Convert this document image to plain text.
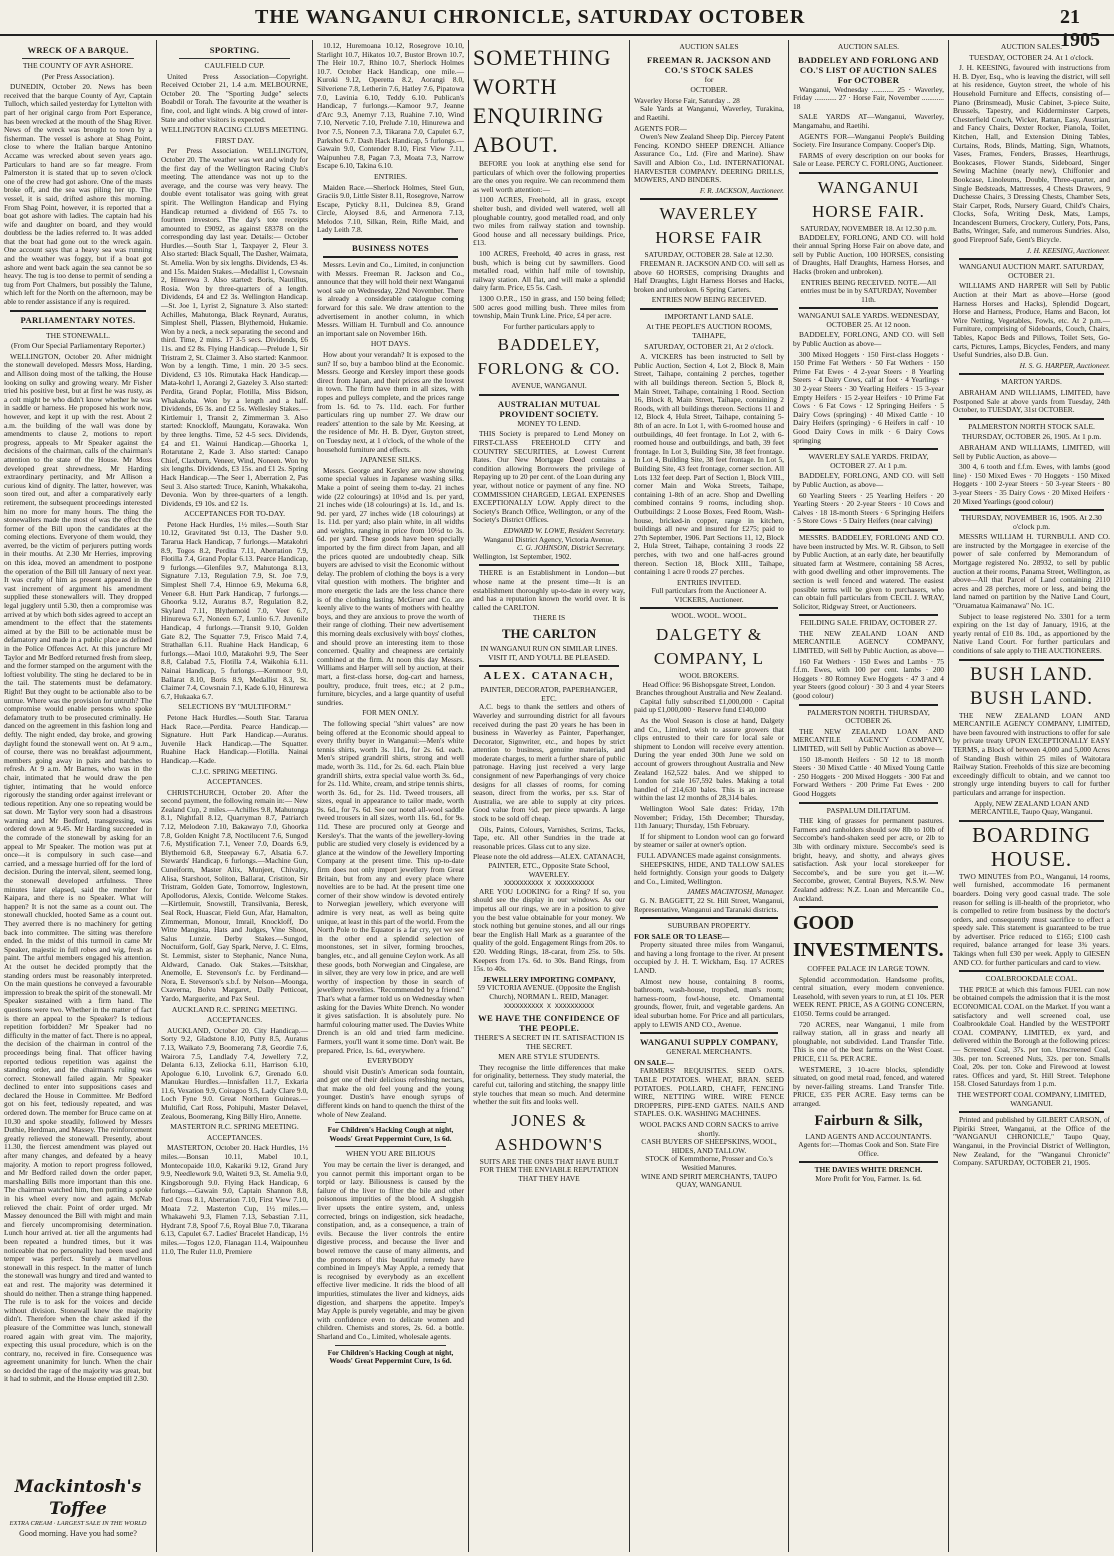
THE WANGANUI CHRONICLE, SATURDAY OCTOBER	21 1905
WRECK OF A BARQUE.
THE COUNTY OF AYR ASHORE.
(Per Press Association).

DUNEDIN, October 20. News has been received that the barque County of Ayr, Captain Tulloch, which sailed yesterday for Lyttelton with part of her original cargo from Port Esperance, has been wrecked at the mouth of the Shag River. News of the wreck was brought to town by a fisherman. The vessel is ashore at Shag Point, close to where the Italian barque Antonino Accame was wrecked about seven years ago. Particulars to hand are so far meagre. From Palmerston it is stated that up to seven o'clock one of the crew had got ashore. One of the masts broke off, and the sea was piling her up. The vessel, it is said, drifted ashore this morning. From Shag Point, however, it is reported that a boat got ashore with ladies. The captain had his wife and daughter on board, and they would doubtless be the ladies referred to. It was added that the boat had gone out to the wreck again. One account says that a heavy sea was running and the weather was foggy, but if a boat got ashore and went back again the sea cannot be so heavy. The tug is too dense to permit of sending a tug from Port Chalmers, but possibly the Talune, which left for the North on the afternoon, may be able to render assistance if any is required.

PARLIAMENTARY NOTES.
THE STONEWALL.
(From Our Special Parliamentary Reporter.)

WELLINGTON, October 20. After midnight the stonewall developed. Messrs Moss, Harding, and Allison doing most of the talking, the House looking on sulky and growing weary. Mr Fisher tried his positive best, but at first he was rusty, as a colt might be who didn't know whether he was in saddle or harness. He proposed his work now, however, and kept it up with the rest. About 2 a.m. the building of the wall was done by amendments to clause 2, motions to report progress, appeals to Mr Speaker against the decisions of the chairman, calls of the chairman's attention to the state of the House. Mr Moss developed great shrewdness, Mr Harding extraordinary pertinacity, and Mr Allison a curious kind of dignity. The latter, however, was soon tired out, and after a comparatively early retirement, the subsequent proceedings interested him no more for many hours. The thing the stonewallers made the most of was the effect the former of the Bill upon the candidates at the coming elections. Everyone of them would, they averred, be the victim of perjurers putting words in their mouths. At 2.30 Mr Herries, improving on this idea, moved an amendment to postpone the operation of the Bill till January of next year. It was crafty of him as present appeared in the vast increment of argument his amendment supplied these stonewallers will. They dropped legal jugglery until 5.30, then a compromise was arrived at by which both sides agreed to accept an amendment to the effect that the statements aimed at by the Bill to be actionable must be defamatory and made in a public place as defined in the Police Offences Act. At this juncture Mr Taylor and Mr Bedford returned fresh from sleep, and the former stamped on the argument with the loftiest volubility. The sting he declared to be in the tail. The statements must be defamatory. Right! But they ought to be actionable also to be untrue. Where was the provision for untruth? The compromise would enable persons who spoke defamatory truth to be prosecuted criminally. He danced on the agreement in this fashion long and deftly. The night ended, day broke, and growing daylight found the stonewall went on. At 9 a.m., of course, there was no breakfast adjournment, members going away in pairs and batches to refresh. At 9 a.m. Mr Barnes, who was in the chair, intimated that he would draw the pen tighter, intimating that he would enforce rigorously the standing order against irrelevant or tedious repetition. Any one so repeating would be sat down. Mr Taylor very soon had a disastrous warning and Mr Bedford, transgressing, was ordered down at 9.45. Mr Harding succeeded in the comrade of the stonewall by asking for an appeal to Mr Speaker. The motion was put at once—it is compulsory in such case—and carried, and a message hurried off for the lord of decision. During the interval, silent, seemed long, the stonewall developed artfulness. Three minutes later elapsed, said the member for Kaipara, and there is no Speaker. What will happen? It is not the same as a count out. The stonewall chuckled, hooted Same as a count out. They averred there is no machinery for getting back into committee. The sitting was therefore ended. In the midst of this turmoil in came Mr Speaker, majestic in full robes and wig, fresh as paint. The artful members engaged his attention. At the outset he decided promptly that the standing orders must be reasonably interpreted. On the main questions he conveyed a favourable impression to break the spirit of the stonewall. Mr Speaker sustained with a firm hand. The questions were two. Whether in the matter of fact is there an appeal to the Speaker? Is tedious repetition forbidden? Mr Speaker had no difficulty in the matter of fact. There is no appeal, the decision of the chairman in control of the proceedings being final. That officer having reported tedious repetition was against the standing order, and the chairman's ruling was correct. Stonewall failed again. Mr Speaker declined to enter into suppositions cases and declared the House in Committee. Mr Bedford got on his feet, tediously repeated, and was ordered down. The member for Bruce came on at 10.30 and spoke steadily, followed by Messrs Duthie, Herdman, and Massey. The reinforcement greatly relieved the stonewall. Presently, about 11.30, the fiercest amendment was played out after many changes, and defeated by a heavy majority. A motion to report progress followed, and Mr Bedford railed down the order paper, marshalling Bills more important than this one. The chairman watched him, then putting a spoke in his wheel every now and again. McNab relieved the chair. Point of order urged. Mr Massey denounced the Bill with might and main and fiercely uncompromising determination. Lunch hour arrived at. tier all the arguments had been repeated a hundred times, but it was noticeable that no personality had been used and temper was perfect. Surely a marvellous stonewall in this respect. In the matter of lunch the stonewall was hungry and tired and wanted to eat and rest. The majority was determined it should do neither. Then a strange thing happened. The rule is to ask for the voices and decide without division. Stonewall knew the majority didn't. Therefore when the chair asked if the pleasure of the Committee was lunch, stonewall roared again with great vim. The majority, expecting this usual procedure, which is on the contrary, no, received in fire. Consequence was agreement unanimity for lunch. When the chair so decided the rage of the majority was great, but it had to submit, and the House emptied till 2.30.

Mackintosh's Toffee
EXTRA CREAM · LARGEST SALE IN THE WORLD
Good morning. Have you had some?
SPORTING.
CAULFIELD CUP.

United Press Association—Copyright. Received October 21, 1.4 a.m. MELBOURNE, October 20. The "Sporting Judge" selects Boabdil or Torah. The favourite at the weather is fine, cool, and light winds. A big crowd of inter-State and other visitors is expected.

WELLINGTON RACING CLUB'S MEETING.
FIRST DAY.

Per Press Association. WELLINGTON, October 20. The weather was wet and windy for the first day of the Wellington Racing Club's meeting. The attendance was not up to the average, and the course was very heavy. The double event totalisator was going with great spirit. The Wellington Handicap and Flying Handicap returned a dividend of £65 7s. to fourteen investors. The day's tote receipts amounted to £9092, as against £8378 on the corresponding day last year. Details:— October Hurdles.—South Star 1, Taxpayer 2, Fleur 3. Also started: Black Squall, The Dasher, Waimata, St. Amelia. Won by six lengths. Dividends, £3 4s. and 15s. Maiden Stakes.—Medallist 1, Cowsnain 2, Hinerewa 3. Also started: Boris, Nautillus, Rosia. Won by three-quarters of a length. Dividends, £4 and £2 3s. Wellington Handicap.—St. Joe 1, Lyrist 2, Signature 3. Also started: Achilles, Mahutonga, Black Reynard, Auratus, Simplest Shell, Plassen, Blythemoid, Hukamie. Won by a neck, a neck separating the second and third. Time, 2 mins. 17 3-5 secs. Dividends, £6 11s. and £2 8s. Flying Handicap.—Prelude 1, Sir Tristram 2, St. Claimer 3. Also started: Kanmoor. Won by a length. Time, 1 min. 20 3-5 secs. Dividend, £3 10s. Rimutaka Hack Handicap.—Mata-kohrl 1, Aorangi 2, Gazeley 3. Also started: Perdita, Grand Poplar, Flotilla, Miss Bidson, Whakakoha. Won by a length and a half. Dividends, £6 3s. and £2 5s. Wellesley Stakes.—Kirtlemuir 1, Transit 2, Zimmerman 3. Also started: Knockloff, Maungatu, Korawaka. Won by three lengths. Time, 52 4-5 secs. Dividends, £4 and £1. Wainui Handicap.—Ghoorka 1, Rotarutane 2, Kade 3. Also started: Canapo Chief, Claxburn, Veneer, Wind, Noneen. Won by six lengths. Dividends, £3 15s. and £1 2s. Spring Hack Handicap.—The Seer 1, Aberration 2, Pas Seul 3. Also started: Truce, Kaninh, Whakakoha, Devonia. Won by three-quarters of a length. Dividends, £9 10s. and £2 1s.

ACCEPTANCES FOR TO-DAY.

Petone Hack Hurdles, 1½ miles.—South Star 10.12, Gravitated 9st 0.13, The Dasher 9.0. Tararua Hack Handicap, 7 furlongs.—Matakohri 8.9, Togos 8.2, Perdita 7.11, Aberration 7.9, Flotilla 7.4, Grand Poplar 6.13. Pearce Handicap, 9 furlongs.—Glenfiles 9.7, Mahutonga 8.13, Signature 7.13, Regulation 7.9, St. Joe 7.9, Simplest Shell 7.4, Hinnoe 6.9, Mekuma 6.8, Veneer 6.8. Hutt Park Handicap, 7 furlongs.—Ghoorka 9.12, Auratus 8.7, Regulation 8.2, Skyland 7.11, Blythemoid 7.0, Veer 6.7, Hinurewa 6.7, Noneen 6.7, Lunlio 6.7. Juvenile Handicap, 4 furlongs.—Transit 9.10, Golden Gate 8.2, The Squatter 7.9, Frisco Maid 7.4, Strathallan 6.11. Ruahine Hack Handicap, 6 furlongs.—Maoi 10.0, Matakohri 9.9, The Seer 8.8, Calabad 7.5, Flotilla 7.4, Waikohia 6.11. Nainai Handicap, 5 furlongs.—Kenmoor 9.0, Ballarat 8.10, Boris 8.9, Medallist 8.3, St. Claimer 7.4, Cowsnain 7.1, Kade 6.10, Hinurewa 6.7, Hukaaka 6.7.

SELECTIONS BY "MULTIFORM."

Petone Hack Hurdles.—South Star. Tararua Hack Race.—Perdita. Pearce Handicap.—Signature. Hutt Park Handicap.—Auratus. Juvenile Hack Handicap.—The Squatter. Ruahine Hack Handicap.—Flotilla. Nainai Handicap.—Kade.

C.J.C. SPRING MEETING.
ACCEPTANCES.

CHRISTCHURCH, October 20. After the second payment, the following remain in:— New Zealand Cup, 2 miles.—Achilles 9.8, Mahutonga 8.1, Nightfall 8.12, Quarryman 8.7, Patriarch 7.12, Melodeon 7.10, Bakawayo 7.0, Ghoorka 7.8, Golden Knight 7.8, Noctilucent 7.6, Sungod 7.6, Mystification 7.1, Veneer 7.0, Doards 6.9, Blythemoid 6.8, Steepaway 6.7, Alsatia 6.7. Stewards' Handicap, 6 furlongs.—Machine Gun, Cuneiform, Master Alix, Munjeet, Chivalry, Alisa, Starshoot, Soliton, Ballarat, Cristiton, Sir Tristram, Golden Gate, Tomorrow, Inglestown, Apollodorus, Alexis, Contide. Welcome Stakes.—Kirtlemuir, Snowstill, Transilvania, Beresk, Seal Rock, Huascar, Field Gun, Afar, Hamalton, Zimmerman, Monour, Imrail, Knockloff, Do Witte Mangista, Hats and Judges, Vine Shoot, Salus Lunzie. Derby Stakes.—Sungod, Noctuiform, Golf, Gay Spark, Nerve, J. C. Elms, St. Lemmist, sister to Stephanic, Nance Nuna, Aldward, Canado. Oak Stakes.—Tsitskhar, Anemolle, E. Stevenson's f.c. by Ferdinand—Nora, E. Stevenson's s.b.f. by Nelson—Moonga, Cxaverna, Bolvu Margaret, Dally Petticoat, Yardo, Marguerite, and Pax Seul.

AUCKLAND R.C. SPRING MEETING.
ACCEPTANCES.

AUCKLAND, October 20. City Handicap.—Sorty 9.2, Gladstone 8.10, Putty 8.5, Auratus 7.13, Waikato 7.9, Boomerang 7.8, Geordie 7.6, Wairora 7.5, Landlady 7.4, Jewellery 7.2, Delanta 6.13, Zeliocka 6.11, Harrison 6.10, Apologue 6.10, Luvolink 6.7, Grenado 6.0. Manukau Hurdles.—Innisfallen 11.7, Exkaria 11.6, Vexation 9.9, Coiragoo 9.5, Lady Clare 9.0, Loch Fyne 9.0. Great Northern Guineas.—Multifid, Carl Ross, Pohipuhi, Master Delavel, Zealous, Boomerang, King Billy Hiro, Annette.

MASTERTON R.C. SPRING MEETING.
ACCEPTANCES.

MASTERTON, October 20. Hack Hurdles, 1½ miles.—Bonsan 10.11, Mabel 10.1, Montecopaide 10.0, Kakariki 9.12, Grand Jury 9.9, Needlework 9.0, Waiteti 9.3, St. Amelia 9.0, Kingsborough 9.0. Flying Hack Handicap, 6 furlongs.—Gawain 9.0, Captain Shannon 8.8, Red Cross 8.1, Aberration 7.10, First View 7.10, Moata 7.2. Masterton Cup, 1½ miles.—Whakawehi 9.3, Flamen 7.13, Sebastian 7.11, Hydrant 7.8, Spoof 7.6, Royal Blue 7.0, Tikarana 6.13, Capulet 6.7. Ladies' Bracelet Handicap, 1½ miles.—Togos 12.0, Flanagan 11.4, Waipounheu 11.0, The Ruler 11.0, Premiere

10.12, Huremoana 10.12, Rosegrove 10.10, Starlight 10.7, Hikatos 10.7, Bustor Brown 10.7, The Heir 10.7, Rhino 10.7, Sherlock Holmes 10.7. October Hack Handicap, one mile.—Kuroki 9.12, Operetta 8.2, Aorangi 8.0, Silveriene 7.8, Letherin 7.6, Hatley 7.6, Pipatowa 7.0, Lavinia 6.10, Teddy 6.10. Publican's Handicap, 7 furlongs.—Kamoor 9.7, Jeanne d'Arc 9.3, Anemyr 7.13, Ruahine 7.10, Wind 7.10, Nervetic 7.10, Prelude 7.10, Hinurewa and Ivor 7.5, Noneen 7.3, Tikarana 7.0, Capulet 6.7, Parkshot 6.7. Dash Hack Handicap, 5 furlongs.—Gawain 9.0, Contender 8.10, First View 7.11, Waipunheu 7.8, Pagan 7.3, Moata 7.3, Narrow Escape 6.10, Takina 6.10.

ENTRIES.

Maiden Race.—Sherlock Holmes, Steel Gun, Graciis 9.0, Little Sister 8.11, Rosegrove, Narrow Escape, Pyticky 8.11, Dulcinea 8.9, Grand Circle, Aloysed 8.6, and Armenora 7.13, Melodos 7.10, Silkan, Rein, Rifle Maid, and Lady Leith 7.8.

BUSINESS NOTES

Messrs. Levin and Co., Limited, in conjunction with Messrs. Freeman R. Jackson and Co., announce that they will hold their next Wanganui wool sale on Wednesday, 22nd November. There is already a considerable catalogue coming forward for this sale. We draw attention to the advertisement in another column, in which Messrs. William H. Turnbull and Co. announce an important sale on November 16th.

HOT DAYS.

How about your verandah? It is exposed to the sun? If so, buy a bamboo blind at the Economic. Messrs. George and Kersley import these goods direct from Japan, and their prices are the lowest in town. The firm have them in all sizes, with ropes and pulleys complete, and the prices range from 1s. 6d. to 7s. 11d. each. For further particulars ring up number 27. We draw our readers' attention to the sale by Mr. Keesing, at the residence of Mr. H. B. Dyer, Guyton street, on Tuesday next, at 1 o'clock, of the whole of the household furniture and effects.

JAPANESE SILKS.

Messrs. George and Kersley are now showing some special values in Japanese washing silks. Make a point of seeing them to-day. 21 inches wide (22 colourings) at 10½d and 1s. per yard, 21 inches wide (18 colourings) at 1s. 1d., and 1s. 9d. per yard, 27 inches wide (18 colourings) at 1s. 11d. per yard; also plain white, in all widths and weights, ranging in price from 10½d to 3s. 6d. per yard. These goods have been specially imported by the firm direct from Japan, and all the prices quoted are undoubtedly cheap. Silk buyers are advised to visit the Economic without delay. The problem of clothing the boys is a very vital question with mothers. The brighter and more energetic the lads are the less chance there is of the clothing lasting. McGruer and Co. are keenly alive to the wants of mothers with healthy boys, and they are anxious to prove the worth of their range of clothing. Their new advertisement this morning deals exclusively with boys' clothes, and should prove an interesting item to those concerned. Quality and cheapness are certainly combined at the firm. At noon this day Messrs. Williams and Harper will sell by auction, at their mart, a first-class horse, dog-cart and harness, poultry, produce, fruit trees, etc.; at 2 p.m., furniture, bicycles, and a large quantity of useful sundries.

FOR MEN ONLY.

The following special "shirt values" are now being offered at the Economic should appeal to every thrifty buyer in Wanganui:—Men's white tennis shirts, worth 3s. 11d., for 2s. 6d. each. Men's striped grandrill shirts, strong and well made, worth 3s. 11d., for 2s. 6d. each. Plain blue grandrill shirts, extra special value worth 3s. 6d., for 2s. 11d. White, cream, and stripe tennis shirts, worth 3s. 6d., for 2s. 11d. Tweed trousers, all sizes, equal in appearance to tailor made, worth 9s. 6d., for 7s. 6d. See our noted all-wool saddle tweed trousers in all sizes, worth 11s. 6d., for 9s. 11d. These are procured only at George and Kersley's. That the wants of the jewellery-loving public are studied very closely is evidenced by a glance at the window of the Jewellery Importing Company at the present time. This up-to-date firm does not only import jewellery from Great Britain, but from any and every place where novelties are to be had. At the present time one corner of their show window is devoted entirely to Norwegian jewellery, which everyone will admire is very neat, as well as being quite unique, at least in this part of the world. From the North Pole to the Equator is a far cry, yet we see in the other end a splendid selection of moonstones, set in silver, forming brooches, bangles, etc., and all genuine Ceylon work. As all these goods, both Norwegian and Cingalese, are in silver, they are very low in price, and are well worthy of inspection by those in search of jewellery novelties. "Recommended by a friend." That's what a farmer told us on Wednesday when asking for the Davies White Drench. No wonder it gives satisfaction. It is absolutely pure. No harmful colouring matter used. The Davies White Drench is an old and tried farm medicine. Farmers, you'll want it some time. Don't wait. Be prepared. Price, 1s. 6d., everywhere.

EVERYBODY

should visit Dustin's American soda fountain, and get one of their delicious refreshing nectars, that make the old feel young and the young younger. Dustin's have enough syrups of different kinds on hand to quench the thirst of the whole of New Zealand.

For Children's Hacking Cough at night, Woods' Great Peppermint Cure, 1s 6d.
WHEN YOU ARE BILIOUS

You may be certain the liver is deranged, and you cannot permit this important organ to be torpid or lazy. Biliousness is caused by the failure of the liver to filter the bile and other poisonous impurities of the blood. A sluggish liver upsets the entire system, and, unless corrected, brings on indigestion, sick headache, constipation, and, as a consequence, a train of evils. Because the liver controls the entire digestive process, and because the liver and bowel remove the cause of many ailments, and the promoters of this beautiful remedy have combined in Impey's May Apple, a remedy that is recognised by everybody as an excellent effective liver medicine. It rids the blood of all impurities, stimulates the liver and kidneys, aids digestion, and sharpens the appetite. Impey's May Apple is purely vegetable, and may be given with confidence even to delicate women and children. Chemists and stores, 2s. 6d. a bottle. Sharland and Co., Limited, wholesale agents.

For Children's Hacking Cough at night, Woods' Great Peppermint Cure, 1s 6d.
SOMETHING
WORTH
ENQUIRING
ABOUT.

BEFORE you look at anything else send for particulars of which over the following properties are the ones you require. We can recommend them as well worth attention:—

1100 ACRES, Freehold, all in grass, except shelter bush, and divided well watered, well all ploughable country, good metalled road, and only two miles from railway station and township. Good house and all necessary buildings. Price, £13.

100 ACRES, Freehold, 40 acres in grass, rest bush, which is being cut by sawmillers. Good metalled road, within half mile of township, railway station. All flat, and will make a splendid dairy farm. Price, £5 5s. Cash.

1300 O.P.R., 150 in grass, and 150 being felled; 500 acres good milling bush. Three miles from township, Main Trunk Line. Price, £4 per acre.

For further particulars apply to
BADDELEY,
FORLONG & CO.
AVENUE, WANGANUI.
AUSTRALIAN MUTUAL PROVIDENT SOCIETY.
MONEY TO LEND.

THIS Society is prepared to Lend Money on FIRST-CLASS FREEHOLD CITY and COUNTRY SECURITIES, at Lowest Current Rates. Our New Mortgage Deed contains a condition allowing Borrowers the privilege of Repaying up to 20 per cent. of the Loan during any year, without notice or payment of any fine. NO COMMISSION CHARGED, LEGAL EXPENSES EXCEPTIONALLY LOW. Apply direct to the Society's Branch Office, Wellington, or any of the Society's District Offices.

EDWARD W. LOWE, Resident Secretary.
Wanganui District Agency, Victoria Avenue.
C. G. JOHNSON, District Secretary.
Wellington, 1st September, 1902.

THERE is an Establishment in London—but whose name at the present time—It is an establishment thoroughly up-to-date in every way, and has a reputation known the world over. It is called the CARLTON.

THERE IS
THE CARLTON
IN WANGANUI RUN ON SIMILAR LINES.
VISIT IT, AND YOU'LL BE PLEASED.
ALEX. CATANACH,
PAINTER, DECORATOR, PAPERHANGER, ETC.

A.C. begs to thank the settlers and others of Waverley and surrounding district for all favours received during the past 20 years he has been in business in Waverley as Painter, Paperhanger, Decorator, Signwriter, etc., and hopes by strict attention to business, genuine materials, and moderate charges, to merit a further share of public patronage. Having just received a very large consignment of new Paperhangings of very choice designs for all classes of rooms, for coming season, direct from the works, per s.s. Star of Australia, we are able to supply at city prices. Good value from ½d. per piece upwards. A large stock to be sold off cheap.

Oils, Paints, Colours, Varnishes, Scrims, Tacks, Tape, etc. All other Sundries in the trade at reasonable prices. Glass cut to any size.

Please note the old address—ALEX. CATANACH, PAINTER, ETC., Opposite State School, WAVERLEY.
XXXXXXXXXX X XXXXXXXXXX

ARE YOU LOOKING for a Ring? If so, you should see the display in our windows. As our impetus all our rings, we are in a position to give you the best value obtainable for your money. We stock nothing but genuine stones, and all our rings bear the English Hall Mark as a guarantee of the quality of the gold. Engagement Rings from 20s. to £20. Wedding Rings, 18-carat, from 25s. to 50s. Keepers from 17s. 6d. to 30s. Band Rings, from 15s. to 40s.

JEWELLERY IMPORTING COMPANY,
59 VICTORIA AVENUE. (Opposite the English Church), NORMAN L. REID, Manager.
XXXXXXXXXX X XXXXXXXXXX
WE HAVE THE CONFIDENCE OF THE PEOPLE.
THERE'S A SECRET IN IT. SATISFACTION IS THE SECRET.
MEN ARE STYLE STUDENTS.

They recognise the little differences that make for originality, betterness. They study material, the careful cut, tailoring and stitching, the snappy little style touches that mean so much. And determine whether the suit fits and looks well.

JONES &
ASHDOWN'S
SUITS ARE THE ONES THAT HAVE BUILT FOR THEM THE ENVIABLE REPUTATION THAT THEY HAVE
AUCTION SALES
FREEMAN R. JACKSON AND CO.'S STOCK SALES
for
OCTOBER.
Waverley Horse Fair, Saturday .. 28

Sale Yards at Wanganui, Waverley, Turakina, and Raetihi.

AGENTS FOR—

Owen's New Zealand Sheep Dip. Piercey Patent Fencing. KONDO SHEEP DRENCH. Alliance Assurance Co., Ltd. (Fire and Marine). Shaw Savill and Albion Co., Ltd. INTERNATIONAL HARVESTER COMPANY. DEERING DRILLS, MOWERS, AND BINDERS.

F. R. JACKSON, Auctioneer.
WAVERLEY
HORSE FAIR
SATURDAY, OCTOBER 28. Sale at 12.30.

FREEMAN R. JACKSON AND CO. will sell as above 60 HORSES, comprising Draughts and Half Draughts, Light Harness Horses and Hacks, broken and unbroken. 6 Spring Carters.

ENTRIES NOW BEING RECEIVED.
IMPORTANT LAND SALE.
At THE PEOPLE'S AUCTION ROOMS, TAIHAPE,
SATURDAY, OCTOBER 21, At 2 o'clock.

A. VICKERS has been instructed to Sell by Public Auction, Section 4, Lot 2, Block 8, Main Street, Taihape, containing 2 perches, together with all buildings thereon. Section 5, Block 8, Main Street, Taihape, containing 1 Rood. Section 16, Block 8, Main Street, Taihape, containing 2 Roods, with all buildings thereon. Sections 11 and 12, Block 4, Hula Street, Taihape, containing 5-8th of an acre. In Lot 1, with 6-roomed house and outbuildings, 40 feet frontage. In Lot 2, with 6-roomed house and outbuildings, and bath, 39 feet frontage. In Lot 3, Building Site, 38 feet frontage. In Lot 4, Building Site, 38 feet frontage. In Lot 5, Building Site, 43 feet frontage, corner section. All Lots 132 feet deep. Part of Section 1, Block VIII., corner Main and Woka Streets, Taihape, containing 1-8th of an acre. Shop and Dwelling combined contains 9 rooms, including shop. Outbuildings: 2 Loose Boxes, Feed Room, Wash-house, bricked-in copper, range in kitchen, buildings all new and insured for £275; paid to 27th September, 1906. Part Sections 11, 12, Block 2, Hula Street, Taihape, containing 3 roods 22 perches, with two and one half-acres ground thereon. Section 18, Block XIII., Taihape, containing 1 acre 0 roods 27 perches.

ENTRIES INVITED.
Full particulars from the Auctioneer A. VICKERS, Auctioneer.
WOOL. WOOL. WOOL.
DALGETY &
COMPANY, L
WOOL BROKERS.
Head Office: 96 Bishopsgate Street, London.
Branches throughout Australia and New Zealand.

Capital fully subscribed £1,000,000 · Capital paid up £1,000,000 · Reserve fund £140,000

As the Wool Season is close at hand, Dalgety and Co., Limited, wish to assure growers that clips entrusted to their care for local sale or shipment to London will receive every attention. During the year ended 30th June we sold on account of growers throughout Australia and New Zealand 162,522 bales. And we shipped to London for sale 167,592 bales. Making a total handled of 214,630 bales. This is an increase within the last 12 months of 28,314 bales.

Wellington Wool Sale dates: Friday, 17th November; Friday, 15th December; Thursday, 11th January; Thursday, 15th February.

If for shipment to London wool can go forward by steamer or sailer at owner's option.

FULL ADVANCES made against consignments.

SHEEPSKINS, HIDE, AND TALLOW SALES held fortnightly. Consign your goods to Dalgety and Co., Limited, Wellington.

JAMES MACINTOSH, Manager.

G. N. BAGGETT, 22 St. Hill Street, Wanganui, Representative, Wanganui and Taranaki districts.

SUBURBAN PROPERTY.
FOR SALE OR TO LEASE—

Property situated three miles from Wanganui, and having a long frontage to the river. At present occupied by J. H. T. Wickham, Esq. 17 ACRES LAND.

Almost new house, containing 8 rooms, bathroom, wash-house, tropshed, man's room; harness-room, fowl-house, etc. Ornamental grounds, flower, fruit, and vegetable gardens. An ideal suburban home. For Price and all particulars, apply to LEWIS AND CO., Avenue.

WANGANUI SUPPLY COMPANY,
GENERAL MERCHANTS.
ON SALE—

FARMERS' REQUISITES. SEED OATS. TABLE POTATOES. WHEAT, BRAN. SEED POTATOES. POLLARD, CHAFF, FENCING WIRE, NETTING WIRE. WIRE FENCE DROPPERS, PIPE-END GATES. NAILS AND STAPLES. O.K. WASHING MACHINES.

WOOL PACKS AND CORN SACKS to arrive shortly.
CASH BUYERS OF SHEEPSKINS, WOOL, HIDES, AND TALLOW.
STOCK of Kemmthorne, Prosser and Co.'s Wesitied Manures.
WINE AND SPIRIT MERCHANTS, TAUPO QUAY, WANGANUI.
AUCTION SALES.
BADDELEY AND FORLONG AND CO.'S LIST OF AUCTION SALES For OCTOBER

Wanganui, Wednesday ............ 25 · Waverley, Friday ............ 27 · Horse Fair, November ............ 18

SALE YARDS AT—Wanganui, Waverley, Mangamahu, and Raetihi.

AGENTS FOR—Wanganui People's Building Society. Fire Insurance Company. Cooper's Dip.

FARMS of every description on our books for Sale or Lease. PERCY C. FORLONG, Auctioneer.

WANGANUI
HORSE FAIR.
SATURDAY, NOVEMBER 18. At 12.30 p.m.

BADDELEY, FORLONG, AND CO. will hold their annual Spring Horse Fair on above date, and sell by Public Auction, 100 HORSES, consisting of Draughts, Half Draughts, Harness Horses, and Hacks (broken and unbroken).

ENTRIES BEING RECEIVED. NOTE.—All entries must be in by SATURDAY, November 11th.
WANGANUI SALE YARDS. WEDNESDAY, OCTOBER 25. At 12 noon.

BADDELEY, FORLONG, AND CO. will Sell by Public Auction as above—

300 Mixed Hoggets · 150 First-class Hoggets · 150 Prime Fat Wethers · 50 Fat Wethers · 150 Prime Fat Ewes · 4 2-year Steers · 8 Yearling Steers · 4 Dairy Cows, calf at foot · 4 Yearlings · 30 2-year Steers · 30 Yearling Heifers · 15 3-year Empty Heifers · 15 2-year Heifers · 10 Prime Fat Cows · 6 Fat Cows · 12 Springing Heifers · 5 Dairy Cows (springing) · 40 Mixed Cattle · 10 Dairy Heifers (springing) · 6 Heifers in calf · 10 Good Dairy Cows in milk · 6 Dairy Cows springing

WAVERLEY SALE YARDS. FRIDAY, OCTOBER 27. At 1 p.m.

BADDELEY, FORLONG, AND CO. will Sell by Public Auction, as above—

60 Yearling Steers · 25 Yearling Heifers · 20 Yearling Steers · 20 2-year Steers · 10 Cows and Calves · 18 18-month Steers · 6 Springing Heifers · 5 Store Cows · 5 Dairy Heifers (near calving)

MESSRS. BADDELEY, FORLONG AND CO. have been instructed by Mrs. W. R. Gibson, to Sell by Public Auction, at an early date, her beautifully situated farm at Westmere, containing 58 Acres, with good dwelling and other improvements. The section is well fenced and watered. The easiest possible terms will be given to purchasers, who can obtain full particulars from CECIL J. WRAY, Solicitor, Ridgway Street, or Auctioneers.

FEILDING SALE. FRIDAY, OCTOBER 27.

THE NEW ZEALAND LOAN AND MERCANTILE AGENCY COMPANY, LIMITED, will Sell by Public Auction, as above—

160 Fat Wethers · 150 Ewes and Lambs · 75 f.f.m. Ewes, with 100 per cent. lambs · 200 Hoggets · 80 Romney Ewe Hoggets · 47 3 and 4 year Steers (good colour) · 30 3 and 4 year Steers (good colour)

PALMERSTON NORTH. THURSDAY, OCTOBER 26.

THE NEW ZEALAND LOAN AND MERCANTILE AGENCY COMPANY, LIMITED, will Sell by Public Auction as above—

150 18-month Heifers · 50 12 to 18 month Steers · 30 Mixed Cattle · 40 Mixed Young Cattle · 250 Hoggets · 200 Mixed Hoggets · 300 Fat and Forward Wethers · 200 Prime Fat Ewes · 200 Good Hoggets

PASPALUM DILITATUM.

THE king of grasses for permanent pastures. Farmers and ranholders should sow 8lb to 10lb of Seccombe's hand-shaken seed per acre, or 2lb to 3lb with ordinary mixture. Seccombe's seed is bright, heavy, and shotty, and always gives satisfaction. Ask your local storekeeper for Seccombe's, and be sure you get it.—W. Seccombe, grower, Central Buyers, N.S.W. New Zealand address: N.Z. Loan and Mercantile Co., Auckland.

GOOD
INVESTMENTS.
COFFEE PALACE IN LARGE TOWN.

Splendid accommodation. Handsome profits, central situation, every modern convenience. Leasehold, with seven years to run, at £1 10s. PER WEEK RENT. PRICE, AS A GOING CONCERN, £1050. Terms could be arranged.

720 ACRES, near Wanganui, 1 mile from railway station, all in grass and nearly all ploughable, not subdivided. Land Transfer Title. This is one of the best farms on the West Coast. PRICE, £11 5s. PER ACRE.

WESTMERE, 3 10-acre blocks, splendidly situated, on good metal road, fenced, and watered by never-failing streams. Land Transfer Title. PRICE, £35 PER ACRE. Easy terms can be arranged.

Fairburn & Silk,
LAND AGENTS AND ACCOUNTANTS.
Agents for:—Thomas Cook and Son. State Fire Office.
THE DAVIES WHITE DRENCH.
More Profit for You, Farmer. 1s. 6d.
AUCTION SALES.
TUESDAY, OCTOBER 24. At 1 o'clock.

J. H. KEESING, favoured with instructions from H. B. Dyer, Esq., who is leaving the district, will sell at his residence, Guyton street, the whole of his Household Furniture and Effects, consisting of—Piano (Brinsmead), Music Cabinet, 3-piece Suite, Brussels, Tapestry, and Kidderminster Carpets, Chesterfield Couch, Wicker, Rattan, Easy, Austrian, and Fancy Chairs, Dexter Rocker, Pianola, Toilet, Kitchen, Hall, and Extension Dining Tables, Curtains, Rods, Blinds, Matting, Sign, Whatnots, Vases, Frames, Fenders, Brasses, Hearthrugs, Bookcases, Flower Stands, Sideboard, Singer Sewing Machine (nearly new), Chiffonier and Bookcase, Linoleums, Double, Three-quarter, and Single Bedsteads, Mattresses, 4 Chests Drawers, 9 Duchesse Chairs, 3 Dressing Chests, Chamber Sets, Stair Carpet, Rods, Nursery Guard, Child's Chairs, Clocks, Sofa, Writing Desk, Mats, Lamps, Incandescent Burners, Crockery, Cutlery, Pots, Pans, Baths, Wringer, Safe, and numerous Sundries. Also, good Fireproof Safe, Gent's Bicycle.

J. H. KEESING, Auctioneer.
WANGANUI AUCTION MART. SATURDAY, OCTOBER 21.

WILLIAMS AND HARPER will Sell by Public Auction at their Mart as above—Horse (good Harness Horses and Hacks), Splendid Dogcart, Horse and Harness, Produce, Hams and Bacon, lot Wire Netting, Vegetables, Fowls, etc. At 2 p.m.—Furniture, comprising of Sideboards, Couch, Chairs, Tables, Kapoc Beds and Pillows, Toilet Sets, Go-carts, Pictures, Lamps, Bicycles, Fenders, and many Useful Sundries, also D.B. Gun.

H. S. G. HARPER, Auctioneer.
MARTON YARDS.

ABRAHAM AND WILLIAMS, LIMITED, have Postponed Sale at above yards from Tuesday, 24th October, to TUESDAY, 31st OCTOBER.

PALMERSTON NORTH STOCK SALE.
THURSDAY, OCTOBER 26, 1905. At 1 p.m.

ABRAHAM AND WILLIAMS, LIMITED, will Sell by Public Auction, as above—

300 4, 6 tooth and f.f.m. Ewes, with lambs (good line) · 150 Mixed Ewes · 70 Hoggets · 150 Mixed Hoggets · 100 2-year Steers · 50 3-year Steers · 80 3-year Steers · 35 Dairy Cows · 20 Mixed Heifers · 20 Mixed Yearlings (good colour)

THURSDAY, NOVEMBER 16, 1905. At 2.30 o'clock p.m.

MESSRS WILLIAM H. TURNBULL AND CO. are instructed by the Mortgagee in exercise of the power of sale conferred by Memorandum of Mortgage registered No. 28932, to sell by public auction at their rooms, Panama Street, Wellington, as above—All that Parcel of Land containing 2110 acres and 28 perches, more or less, and being the land named on partition by the Native Land Court, "Oruamatua Kaimanawa" No. 1C.

Subject to lease registered No. 3301 for a term expiring on the 1st day of January, 1916, at the yearly rental of £10 8s. 10d., as apportioned by the Native Land Court. For further particulars and conditions of sale apply to THE AUCTIONEERS.

BUSH LAND.
BUSH LAND.

THE NEW ZEALAND LOAN AND MERCANTILE AGENCY COMPANY, LIMITED, have been favoured with instructions to offer for sale by private treaty UPON EXCEPTIONALLY EASY TERMS, a Block of between 4,000 and 5,000 Acres of Standing Bush within 25 miles of Waitotara Railway Station. Freeholds of this size are becoming exceedingly difficult to obtain, and we cannot too strongly urge intending buyers to call for further particulars and arrange for inspection.

Apply, NEW ZEALAND LOAN AND MERCANTILE, Taupo Quay, Wanganui.
BOARDING
HOUSE.

TWO MINUTES from P.O., Wanganui, 14 rooms, well furnished, accommodate 16 permanent boarders. Doing very good casual trade. The sole reason for selling is ill-health of the proprietor, who is compelled to retire from business by the doctor's orders, and consequently must sacrifice to effect a speedy sale. This statement is guaranteed to be true by advertiser. Price reduced to £165; £100 cash required, balance arranged for lease 3¾ years. Takings when full £30 per week. Apply to GIESEN AND CO. for further particulars and card to view.

COALBROOKDALE COAL.

THE PRICE at which this famous FUEL can now be obtained compels the admission that it is the most ECONOMICAL COAL on the Market. If you want a satisfactory and well screened coal, use Coalbrookdale Coal. Handled by the WESTPORT COAL COMPANY, LIMITED, ex yard, and delivered within the Borough at the following prices:— Screened Coal, 37s. per ton. Unscreened Coal, 30s. per ton. Screened Nuts, 32s. per ton. Smalls Coal, 20s. per ton. Coke and Firewood at lowest rates. Offices and yard, St. Hill Street. Telephone 158. Closed Saturdays from 1 p.m.

THE WESTPORT COAL COMPANY, LIMITED, WANGANUI.

Printed and published by GILBERT CARSON, of Pipiriki Street, Wanganui, at the Office of the "WANGANUI CHRONICLE," Taupo Quay, Wanganui, in the Provincial District of Wellington, New Zealand, for the "Wanganui Chronicle" Company. SATURDAY, OCTOBER 21, 1905.
